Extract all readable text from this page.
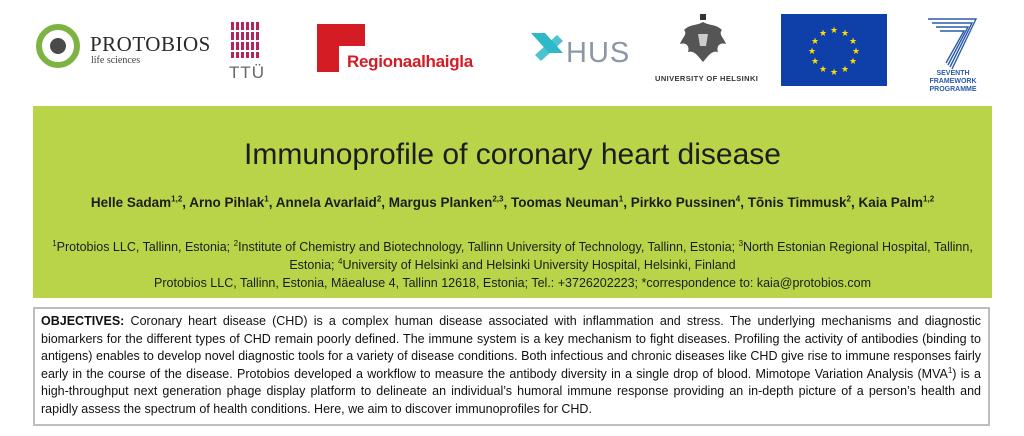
PROTOBIOS
life sciences
TTÜ
Regionaalhaigla	HUS
UNIVERSITY OF HELSINKI
★ ★
★
★
★
★
★
★
★
★
★
★
SEVENTH FRAMEWORK
PROGRAMME
Immunoprofile of coronary heart disease
Helle Sadam$^{1,2}$, Arno Pihlak$^1$, Annela Avarlaid$^2$, Margus Planken$^{2,3}$, Toomas Neuman$^1$, Pirkko Pussinen$^4$, Tõnis Timmusk$^2$, Kaia Palm$^{1,2}$
$^1$Protobios LLC, Tallinn, Estonia; $^2$Institute of Chemistry and Biotechnology, Tallinn University of Technology, Tallinn, Estonia; $^3$North Estonian Regional Hospital, Tallinn, Estonia; $^4$University of Helsinki and Helsinki University Hospital, Helsinki, Finland
Protobios LLC, Tallinn, Estonia, Mäealuse 4, Tallinn 12618, Estonia; Tel.: +3726202223; *correspondence to: kaia@protobios.com
OBJECTIVES: Coronary heart disease (CHD) is a complex human disease associated with inflammation and stress. The underlying mechanisms and diagnostic biomarkers for the different types of CHD remain poorly defined. The immune system is a key mechanism to fight diseases. Profiling the activity of antibodies (binding to antigens) enables to develop novel diagnostic tools for a variety of disease conditions. Both infectious and chronic diseases like CHD give rise to immune responses fairly early in the course of the disease. Protobios developed a workflow to measure the antibody diversity in a single drop of blood. Mimotope Variation Analysis (MVA$^1$) is a high-throughput next generation phage display platform to delineate an individual’s humoral immune response providing an in-depth picture of a person’s health and rapidly assess the spectrum of health conditions. Here, we aim to discover immunoprofiles for CHD.
